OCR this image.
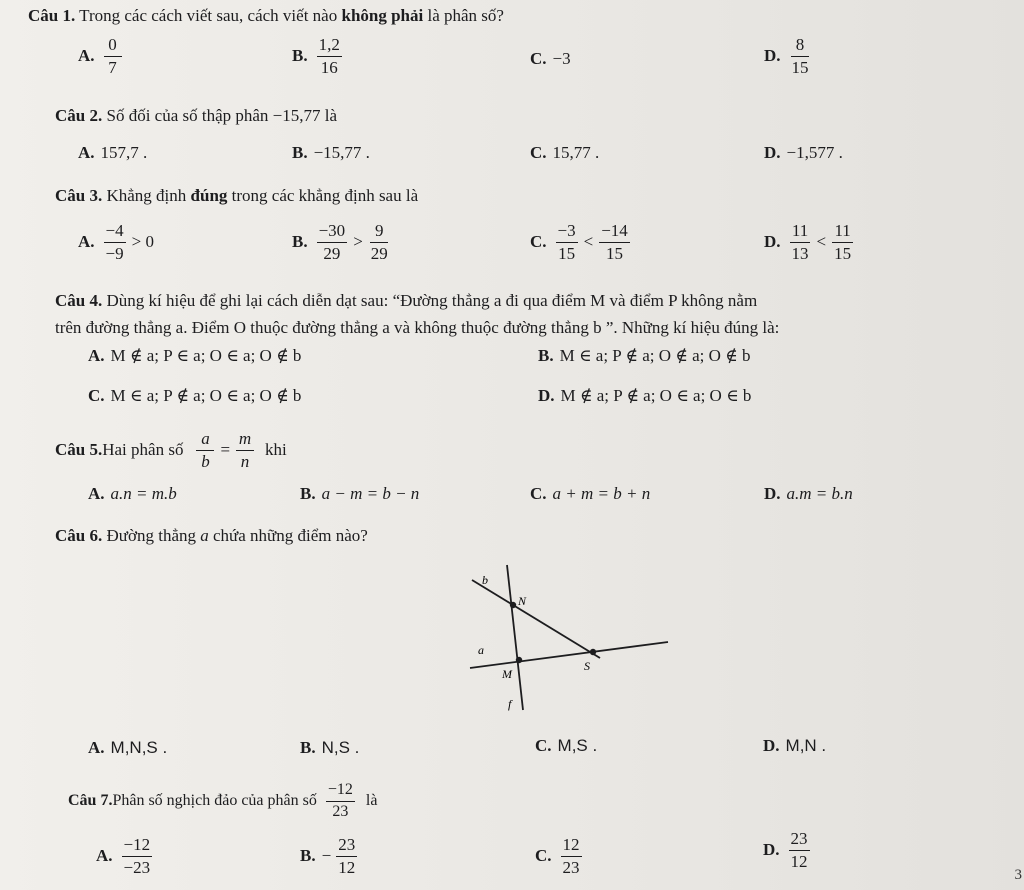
Câu 1. Trong các cách viết sau, cách viết nào không phải là phân số?
A. $\frac{0}{7}$	B. $\frac{1,2}{16}$	C. −3	D. $\frac{8}{15}$
Câu 2. Số đối của số thập phân −15,77 là
A. 157,7 .	B. −15,77 .	C. 15,77 .	D. −1,577 .
Câu 3. Khẳng định đúng trong các khẳng định sau là
A. $\frac{-4}{-9} > 0$	B. $\frac{-30}{29} > \frac{9}{29}$	C. $\frac{-3}{15} < \frac{-14}{15}$	D. $\frac{11}{13} < \frac{11}{15}$
Câu 4. Dùng kí hiệu để ghi lại cách diễn dạt sau: “Đường thẳng a đi qua điểm M và điểm P không nằm
trên đường thẳng a. Điểm O thuộc đường thẳng a và không thuộc đường thẳng b ”. Những kí hiệu đúng là:
A. M ∉ a; P ∈ a; O ∈ a; O ∉ b	B. M ∈ a; P ∉ a; O ∉ a; O ∉ b
C. M ∈ a; P ∉ a; O ∈ a; O ∉ b	D. M ∉ a; P ∉ a; O ∈ a; O ∈ b
Câu 5. Hai phân số $\frac{a}{b} = \frac{m}{n}$ khi
A. a.n = m.b	B. a − m = b − n	C. a + m = b + n	D. a.m = b.n
Câu 6. Đường thẳng a chứa những điểm nào?
b
N
a
M
S
f
A. M,N,S .	B. N,S .	C. M,S .	D. M,N .
Câu 7. Phân số nghịch đảo của phân số $\frac{-12}{23}$ là
A. $\frac{-12}{-23}$	B. − $\frac{23}{12}$	C. $\frac{12}{23}$	D. $\frac{23}{12}$
3
